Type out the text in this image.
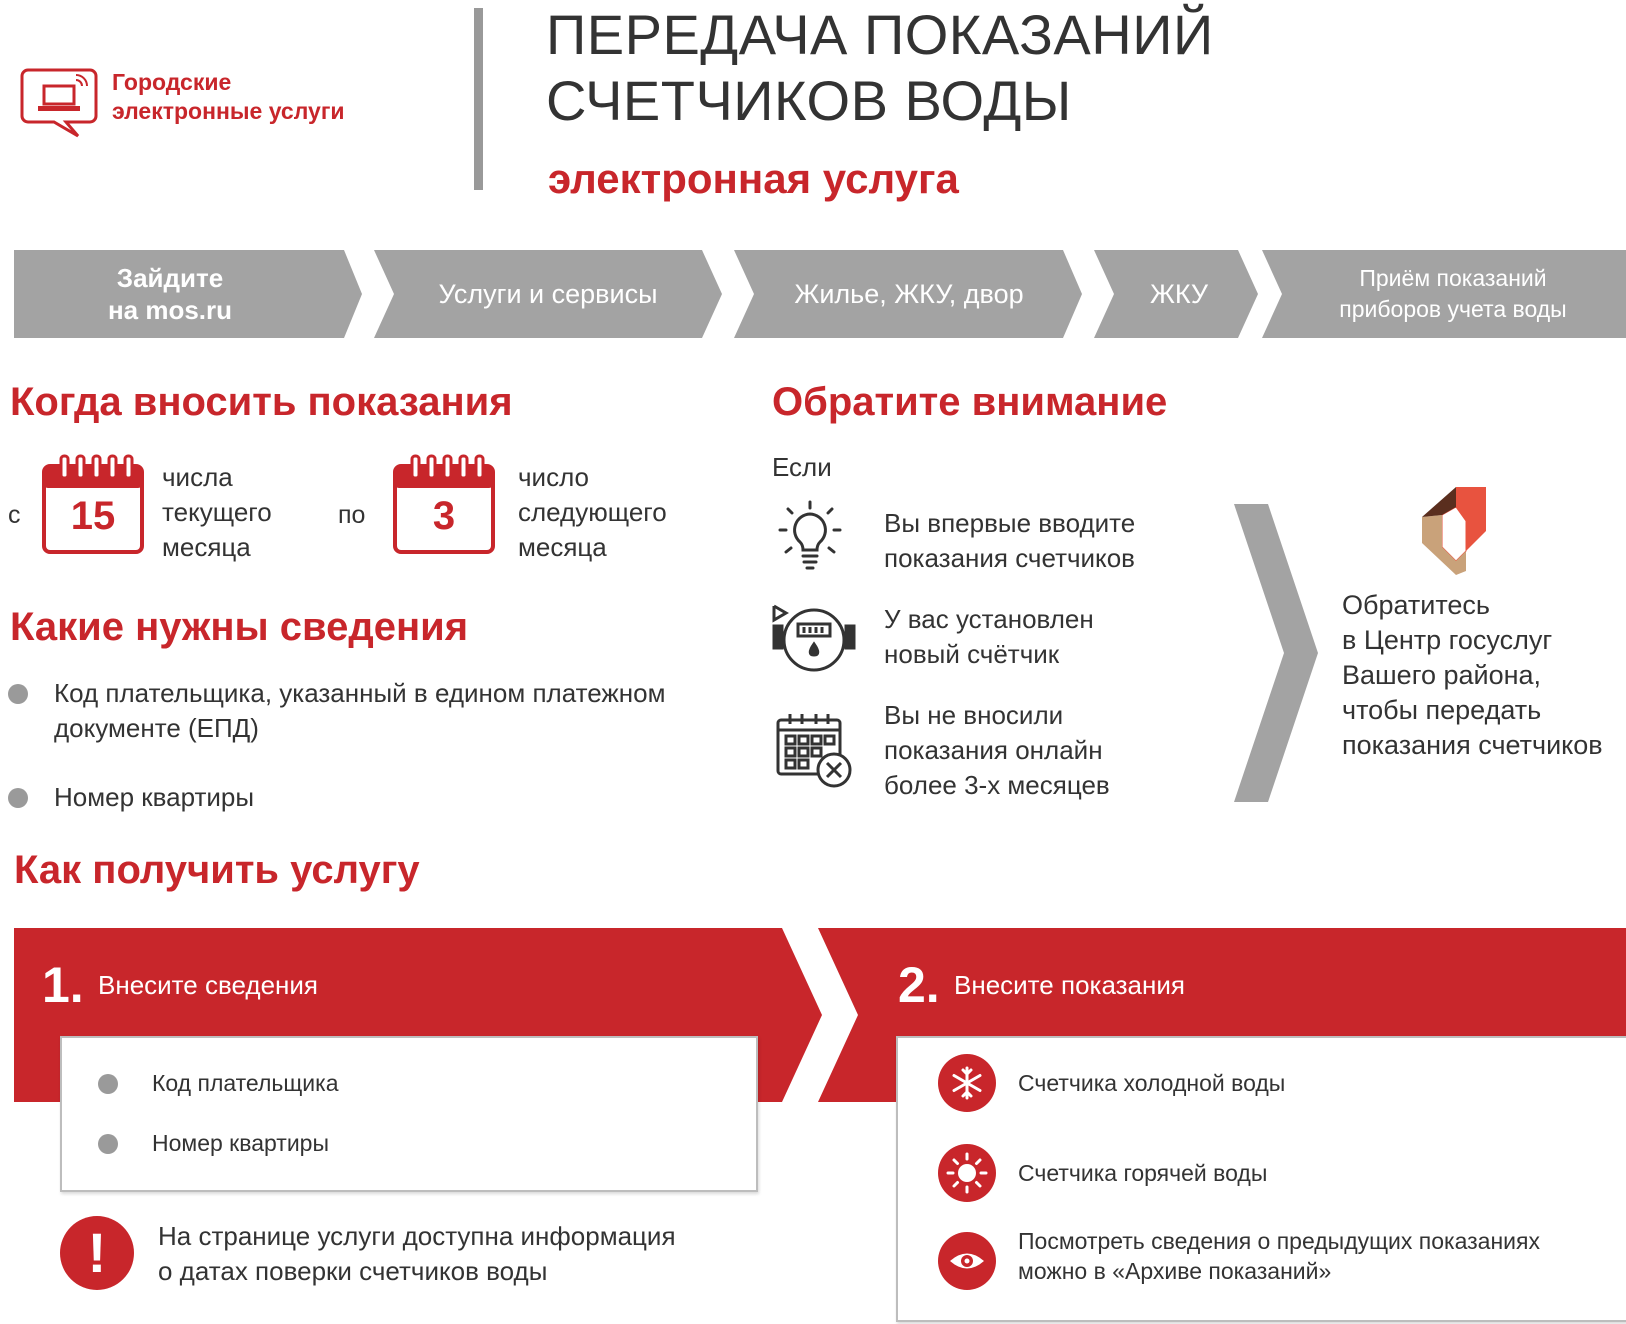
Городские
электронные услуги
ПЕРЕДАЧА ПОКАЗАНИЙ
СЧЕТЧИКОВ ВОДЫ
электронная услуга
Зайдите
на mos.ru
Услуги и сервисы	Жилье, ЖКУ, двор	ЖКУ
Приём показаний
приборов учета воды
Когда вносить показания
с	15
числа
текущего
месяца
по	3
число
следующего
месяца
Какие нужны сведения
Код плательщика, указанный в едином платежном
документе (ЕПД)
Номер квартиры
Обратите внимание
Если
Вы впервые вводите
показания счетчиков
У вас установлен
новый счётчик
Вы не вносили
показания онлайн
более 3-х месяцев
Обратитесь
в Центр госуслуг
Вашего района,
чтобы передать
показания счетчиков
Как получить услугу
1. Внесите сведения
Код плательщика
Номер квартиры
!	На странице услуги доступна информация
о датах поверки счетчиков воды
2. Внесите показания
Счетчика холодной воды
Счетчика горячей воды
Посмотреть сведения о предыдущих показаниях
можно в «Архиве показаний»
